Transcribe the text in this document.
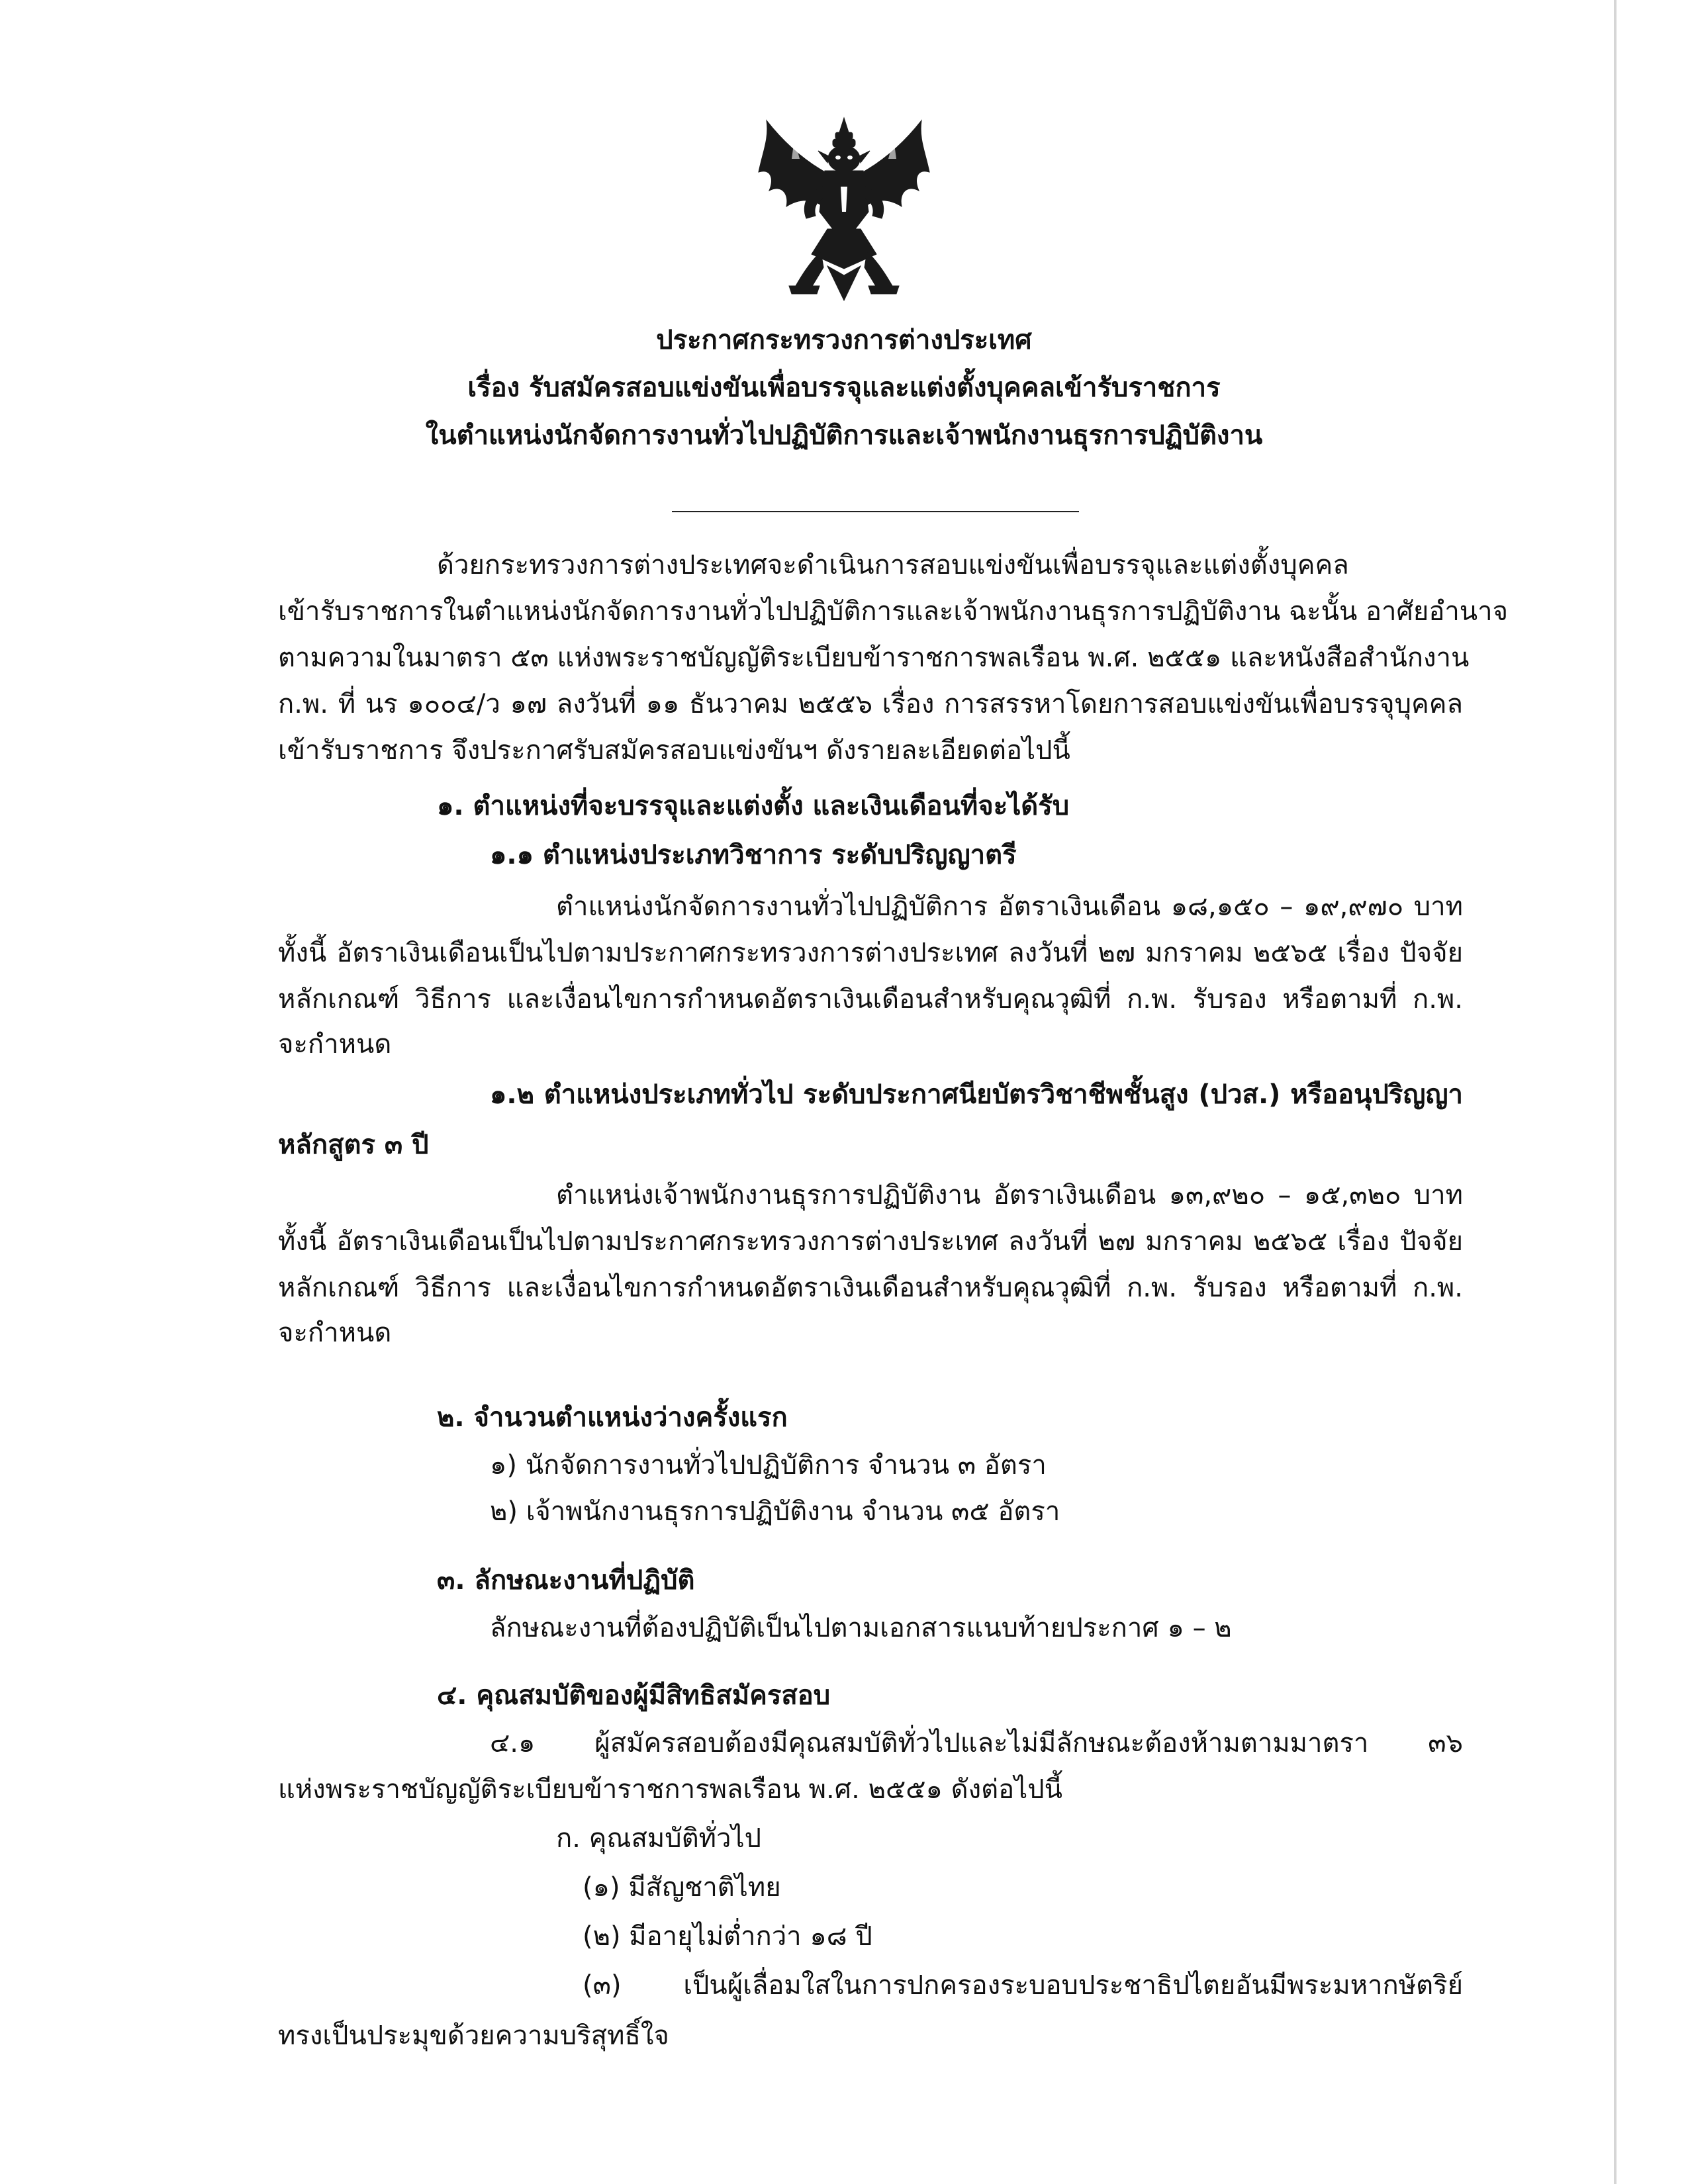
ประกาศกระทรวงการต่างประเทศ
เรื่อง รับสมัครสอบแข่งขันเพื่อบรรจุและแต่งตั้งบุคคลเข้ารับราชการ
ในตำแหน่งนักจัดการงานทั่วไปปฏิบัติการและเจ้าพนักงานธุรการปฏิบัติงาน
ด้วยกระทรวงการต่างประเทศจะดำเนินการสอบแข่งขันเพื่อบรรจุและแต่งตั้งบุคคล
เข้ารับราชการในตำแหน่งนักจัดการงานทั่วไปปฏิบัติการและเจ้าพนักงานธุรการปฏิบัติงาน ฉะนั้น อาศัยอำนาจ
ตามความในมาตรา ๕๓ แห่งพระราชบัญญัติระเบียบข้าราชการพลเรือน พ.ศ. ๒๕๕๑ และหนังสือสำนักงาน
ก.พ. ที่ นร ๑๐๐๔/ว ๑๗ ลงวันที่ ๑๑ ธันวาคม ๒๕๕๖ เรื่อง การสรรหาโดยการสอบแข่งขันเพื่อบรรจุบุคคล
เข้ารับราชการ จึงประกาศรับสมัครสอบแข่งขันฯ ดังรายละเอียดต่อไปนี้
๑. ตำแหน่งที่จะบรรจุและแต่งตั้ง และเงินเดือนที่จะได้รับ
๑.๑ ตำแหน่งประเภทวิชาการ ระดับปริญญาตรี
ตำแหน่งนักจัดการงานทั่วไปปฏิบัติการ อัตราเงินเดือน ๑๘,๑๕๐ – ๑๙,๙๗๐ บาท
ทั้งนี้ อัตราเงินเดือนเป็นไปตามประกาศกระทรวงการต่างประเทศ ลงวันที่ ๒๗ มกราคม ๒๕๖๕ เรื่อง ปัจจัย
หลักเกณฑ์ วิธีการ และเงื่อนไขการกำหนดอัตราเงินเดือนสำหรับคุณวุฒิที่ ก.พ. รับรอง หรือตามที่ ก.พ.
จะกำหนด
๑.๒ ตำแหน่งประเภททั่วไป ระดับประกาศนียบัตรวิชาชีพชั้นสูง (ปวส.) หรืออนุปริญญา
หลักสูตร ๓ ปี
ตำแหน่งเจ้าพนักงานธุรการปฏิบัติงาน อัตราเงินเดือน ๑๓,๙๒๐ – ๑๕,๓๒๐ บาท
ทั้งนี้ อัตราเงินเดือนเป็นไปตามประกาศกระทรวงการต่างประเทศ ลงวันที่ ๒๗ มกราคม ๒๕๖๕ เรื่อง ปัจจัย
หลักเกณฑ์ วิธีการ และเงื่อนไขการกำหนดอัตราเงินเดือนสำหรับคุณวุฒิที่ ก.พ. รับรอง หรือตามที่ ก.พ.
จะกำหนด
๒. จำนวนตำแหน่งว่างครั้งแรก
๑) นักจัดการงานทั่วไปปฏิบัติการ จำนวน ๓ อัตรา
๒) เจ้าพนักงานธุรการปฏิบัติงาน จำนวน ๓๕ อัตรา
๓. ลักษณะงานที่ปฏิบัติ
ลักษณะงานที่ต้องปฏิบัติเป็นไปตามเอกสารแนบท้ายประกาศ ๑ – ๒
๔. คุณสมบัติของผู้มีสิทธิสมัครสอบ
๔.๑ ผู้สมัครสอบต้องมีคุณสมบัติทั่วไปและไม่มีลักษณะต้องห้ามตามมาตรา ๓๖
แห่งพระราชบัญญัติระเบียบข้าราชการพลเรือน พ.ศ. ๒๕๕๑ ดังต่อไปนี้
ก. คุณสมบัติทั่วไป
(๑) มีสัญชาติไทย
(๒) มีอายุไม่ต่ำกว่า ๑๘ ปี
(๓) เป็นผู้เลื่อมใสในการปกครองระบอบประชาธิปไตยอันมีพระมหากษัตริย์
ทรงเป็นประมุขด้วยความบริสุทธิ์ใจ
